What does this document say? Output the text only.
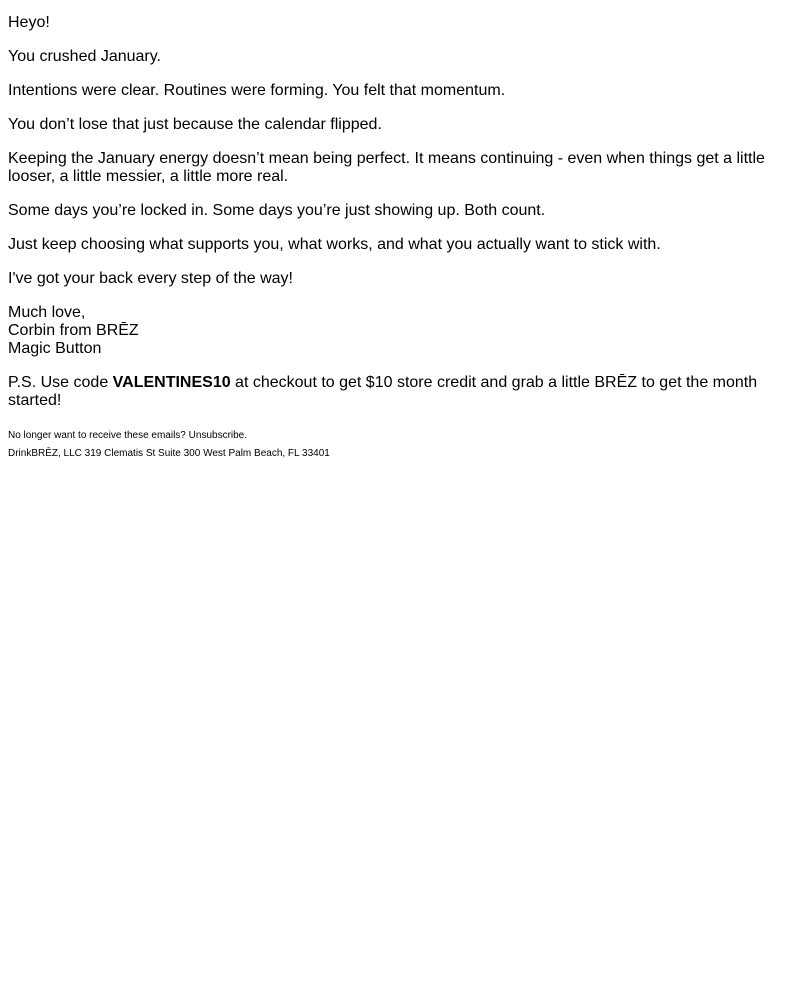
Heyo!

You crushed January.

Intentions were clear. Routines were forming. You felt that momentum.

You don’t lose that just because the calendar flipped.

Keeping the January energy doesn’t mean being perfect. It means continuing - even when things get a little looser, a little messier, a little more real.

Some days you’re locked in. Some days you’re just showing up. Both count.

Just keep choosing what supports you, what works, and what you actually want to stick with.

I've got your back every step of the way!

Much love,
Corbin from BRĒZ
Magic Button

P.S. Use code VALENTINES10 at checkout to get $10 store credit and grab a little BRĒZ to get the month started!

No longer want to receive these emails? Unsubscribe.

DrinkBRĒZ, LLC 319 Clematis St Suite 300 West Palm Beach, FL 33401
